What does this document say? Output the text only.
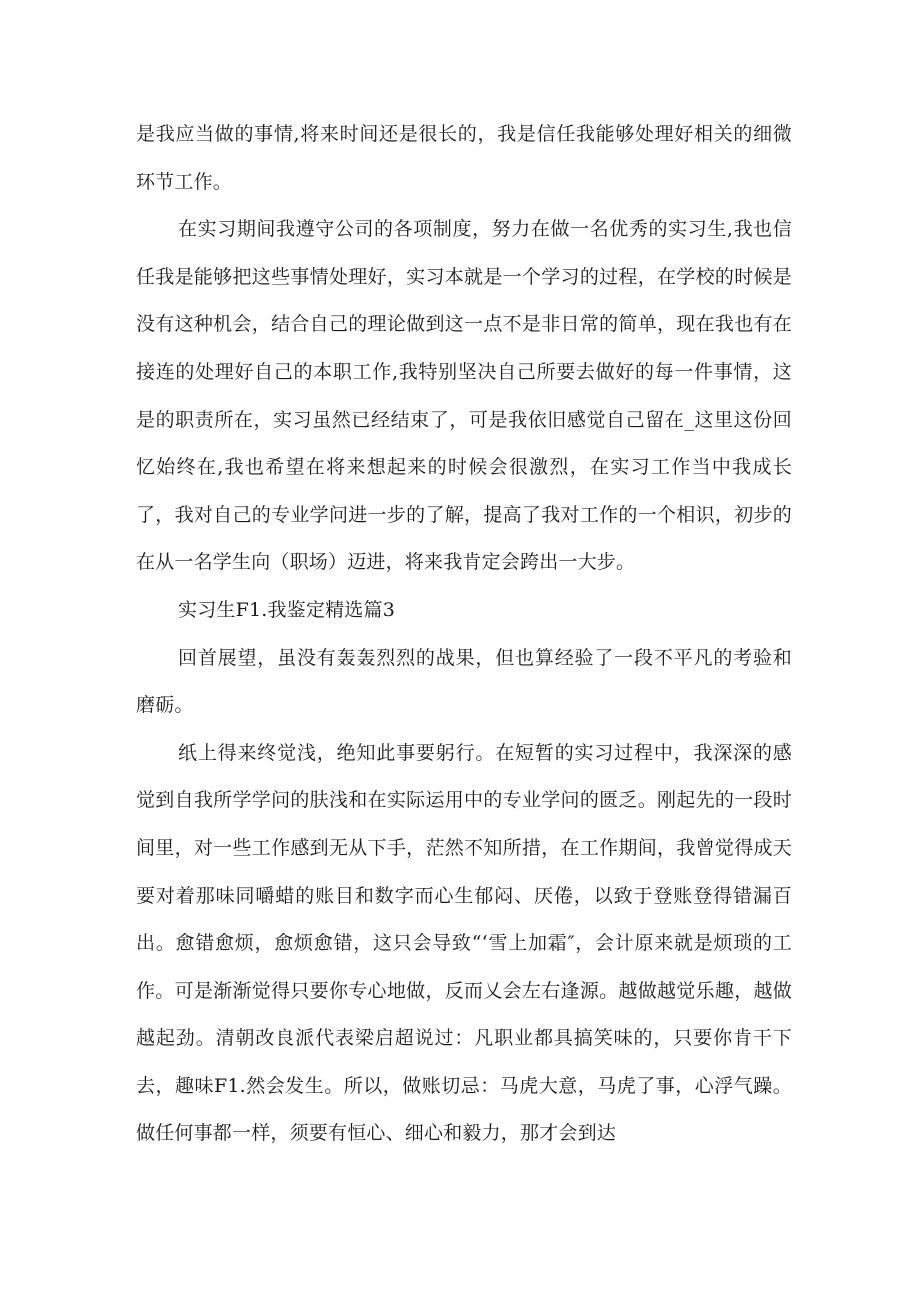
是我应当做的事情,将来时间还是很长的，我是信任我能够处理好相关的细微环节工作。

在实习期间我遵守公司的各项制度，努力在做一名优秀的实习生,我也信任我是能够把这些事情处理好，实习本就是一个学习的过程，在学校的时候是没有这种机会，结合自己的理论做到这一点不是非日常的简单，现在我也有在接连的处理好自己的本职工作,我特别坚决自己所要去做好的每一件事情，这是的职责所在，实习虽然已经结束了，可是我依旧感觉自己留在_这里这份回忆始终在,我也希望在将来想起来的时候会很激烈，在实习工作当中我成长了，我对自己的专业学问进一步的了解，提高了我对工作的一个相识，初步的在从一名学生向（职场）迈进，将来我肯定会跨出一大步。

实习生F1.我鉴定精选篇3

回首展望，虽没有轰轰烈烈的战果，但也算经验了一段不平凡的考验和磨砺。

纸上得来终觉浅，绝知此事要躬行。在短暂的实习过程中，我深深的感觉到自我所学学问的肤浅和在实际运用中的专业学问的匮乏。刚起先的一段时间里，对一些工作感到无从下手，茫然不知所措，在工作期间，我曾觉得成天要对着那味同嚼蜡的账目和数字而心生郁闷、厌倦，以致于登账登得错漏百出。愈错愈烦，愈烦愈错，这只会导致“‘雪上加霜″，会计原来就是烦琐的工作。可是渐渐觉得只要你专心地做，反而乂会左右逢源。越做越觉乐趣，越做越起劲。清朝改良派代表梁启超说过：凡职业都具搞笑味的，只要你肯干下去，趣味F1.然会发生。所以，做账切忌：马虎大意，马虎了事，心浮气躁。做任何事都一样，须要有恒心、细心和毅力，那才会到达
